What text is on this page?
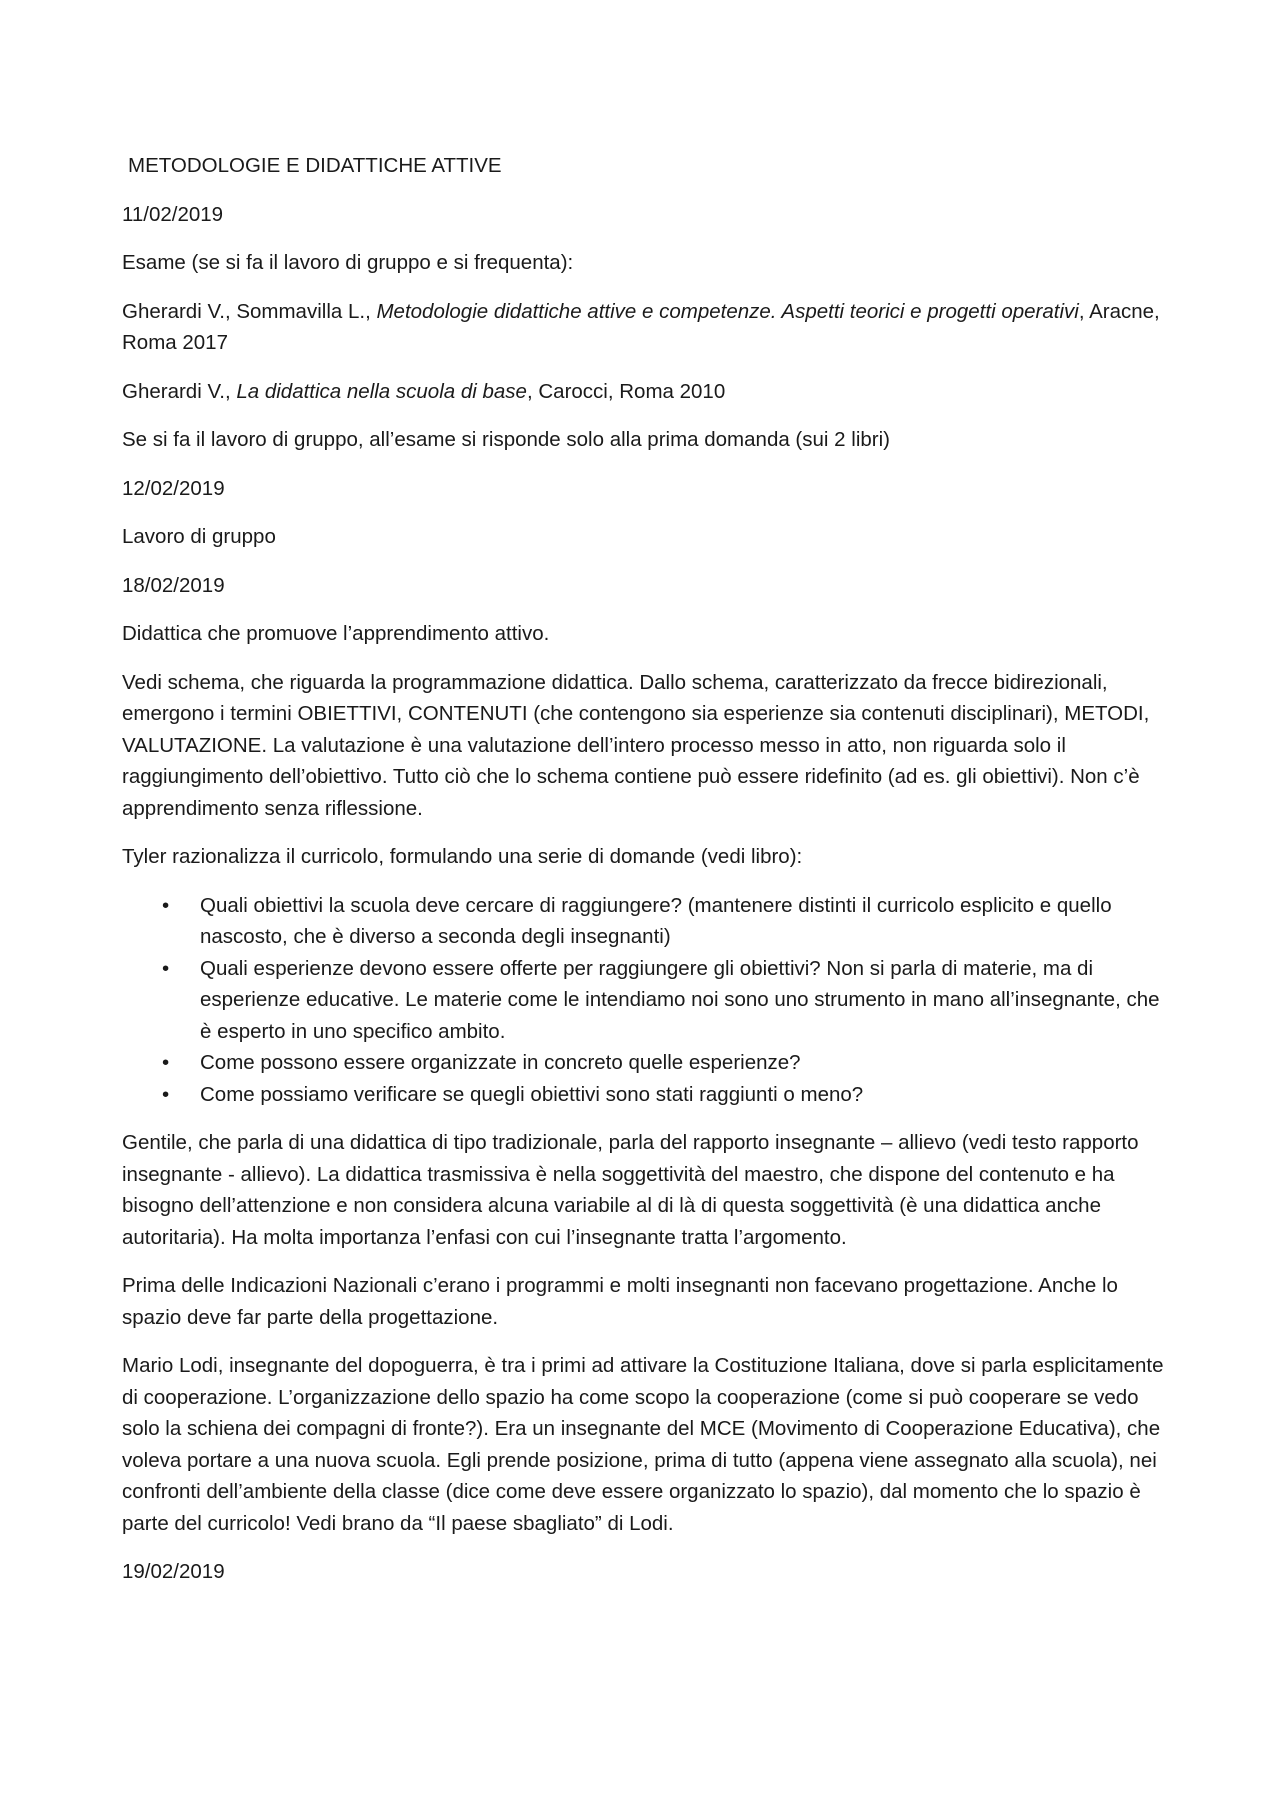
METODOLOGIE E DIDATTICHE ATTIVE

11/02/2019

Esame (se si fa il lavoro di gruppo e si frequenta):

Gherardi V., Sommavilla L., Metodologie didattiche attive e competenze. Aspetti teorici e progetti operativi, Aracne, Roma 2017

Gherardi V., La didattica nella scuola di base, Carocci, Roma 2010

Se si fa il lavoro di gruppo, all’esame si risponde solo alla prima domanda (sui 2 libri)

12/02/2019

Lavoro di gruppo

18/02/2019

Didattica che promuove l’apprendimento attivo.

Vedi schema, che riguarda la programmazione didattica. Dallo schema, caratterizzato da frecce bidirezionali, emergono i termini OBIETTIVI, CONTENUTI (che contengono sia esperienze sia contenuti disciplinari), METODI, VALUTAZIONE. La valutazione è una valutazione dell’intero processo messo in atto, non riguarda solo il raggiungimento dell’obiettivo. Tutto ciò che lo schema contiene può essere ridefinito (ad es. gli obiettivi). Non c’è apprendimento senza riflessione.

Tyler razionalizza il curricolo, formulando una serie di domande (vedi libro):

• Quali obiettivi la scuola deve cercare di raggiungere? (mantenere distinti il curricolo esplicito e quello nascosto, che è diverso a seconda degli insegnanti)
• Quali esperienze devono essere offerte per raggiungere gli obiettivi? Non si parla di materie, ma di esperienze educative. Le materie come le intendiamo noi sono uno strumento in mano all’insegnante, che è esperto in uno specifico ambito.
• Come possono essere organizzate in concreto quelle esperienze?
• Come possiamo verificare se quegli obiettivi sono stati raggiunti o meno?

Gentile, che parla di una didattica di tipo tradizionale, parla del rapporto insegnante – allievo (vedi testo rapporto insegnante - allievo). La didattica trasmissiva è nella soggettività del maestro, che dispone del contenuto e ha bisogno dell’attenzione e non considera alcuna variabile al di là di questa soggettività (è una didattica anche autoritaria). Ha molta importanza l’enfasi con cui l’insegnante tratta l’argomento.

Prima delle Indicazioni Nazionali c’erano i programmi e molti insegnanti non facevano progettazione. Anche lo spazio deve far parte della progettazione.

Mario Lodi, insegnante del dopoguerra, è tra i primi ad attivare la Costituzione Italiana, dove si parla esplicitamente di cooperazione. L’organizzazione dello spazio ha come scopo la cooperazione (come si può cooperare se vedo solo la schiena dei compagni di fronte?). Era un insegnante del MCE (Movimento di Cooperazione Educativa), che voleva portare a una nuova scuola. Egli prende posizione, prima di tutto (appena viene assegnato alla scuola), nei confronti dell’ambiente della classe (dice come deve essere organizzato lo spazio), dal momento che lo spazio è parte del curricolo! Vedi brano da “Il paese sbagliato” di Lodi.

19/02/2019
